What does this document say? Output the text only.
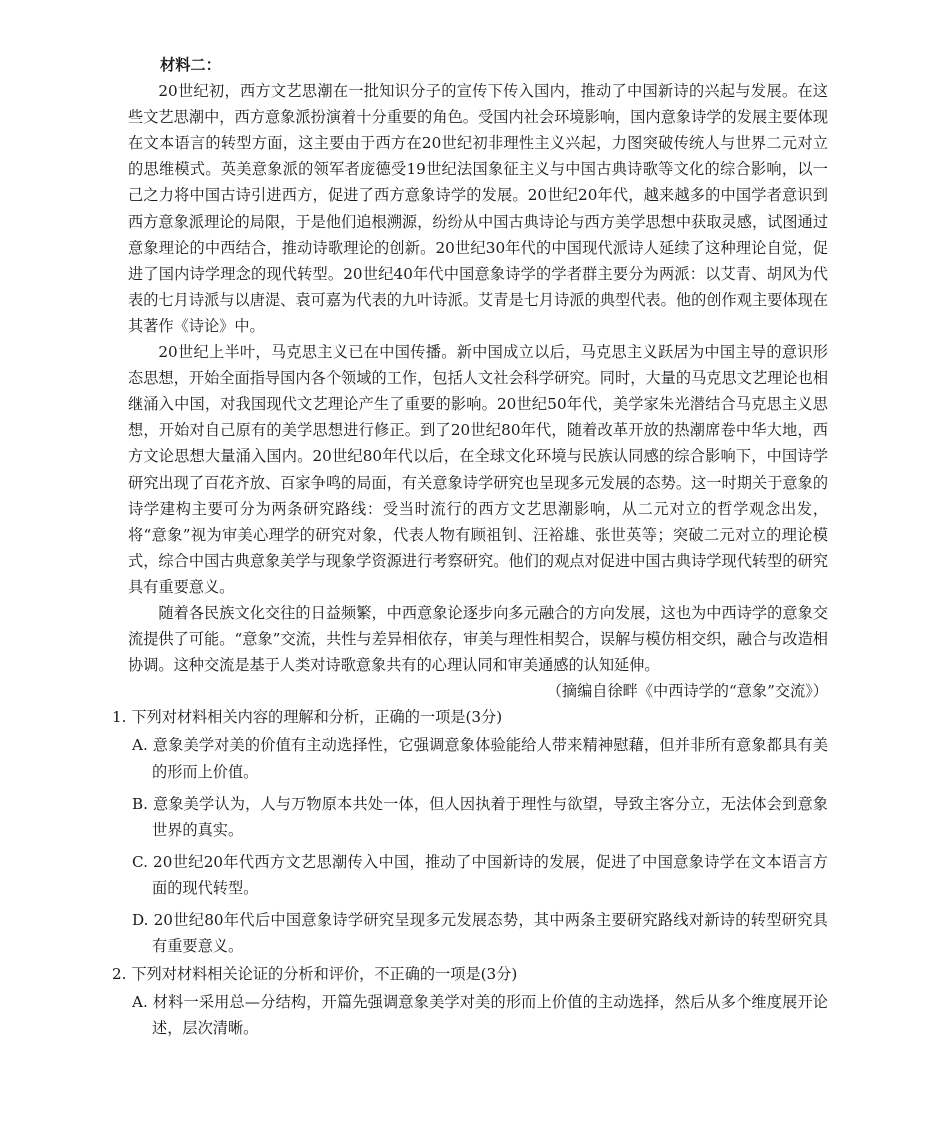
材料二：

20世纪初，西方文艺思潮在一批知识分子的宣传下传入国内，推动了中国新诗的兴起与发展。在这些文艺思潮中，西方意象派扮演着十分重要的角色。受国内社会环境影响，国内意象诗学的发展主要体现在文本语言的转型方面，这主要由于西方在20世纪初非理性主义兴起，力图突破传统人与世界二元对立的思维模式。英美意象派的领军者庞德受19世纪法国象征主义与中国古典诗歌等文化的综合影响，以一己之力将中国古诗引进西方，促进了西方意象诗学的发展。20世纪20年代，越来越多的中国学者意识到西方意象派理论的局限，于是他们追根溯源，纷纷从中国古典诗论与西方美学思想中获取灵感，试图通过意象理论的中西结合，推动诗歌理论的创新。20世纪30年代的中国现代派诗人延续了这种理论自觉，促进了国内诗学理念的现代转型。20世纪40年代中国意象诗学的学者群主要分为两派：以艾青、胡风为代表的七月诗派与以唐湜、袁可嘉为代表的九叶诗派。艾青是七月诗派的典型代表。他的创作观主要体现在其著作《诗论》中。

20世纪上半叶，马克思主义已在中国传播。新中国成立以后，马克思主义跃居为中国主导的意识形态思想，开始全面指导国内各个领域的工作，包括人文社会科学研究。同时，大量的马克思文艺理论也相继涌入中国，对我国现代文艺理论产生了重要的影响。20世纪50年代，美学家朱光潜结合马克思主义思想，开始对自己原有的美学思想进行修正。到了20世纪80年代，随着改革开放的热潮席卷中华大地，西方文论思想大量涌入国内。20世纪80年代以后，在全球文化环境与民族认同感的综合影响下，中国诗学研究出现了百花齐放、百家争鸣的局面，有关意象诗学研究也呈现多元发展的态势。这一时期关于意象的诗学建构主要可分为两条研究路线：受当时流行的西方文艺思潮影响，从二元对立的哲学观念出发，将“意象”视为审美心理学的研究对象，代表人物有顾祖钊、汪裕雄、张世英等；突破二元对立的理论模式，综合中国古典意象美学与现象学资源进行考察研究。他们的观点对促进中国古典诗学现代转型的研究具有重要意义。

随着各民族文化交往的日益频繁，中西意象论逐步向多元融合的方向发展，这也为中西诗学的意象交流提供了可能。“意象”交流，共性与差异相依存，审美与理性相契合，误解与模仿相交织，融合与改造相协调。这种交流是基于人类对诗歌意象共有的心理认同和审美通感的认知延伸。

（摘编自徐畔《中西诗学的“意象”交流》）

1. 下列对材料相关内容的理解和分析，正确的一项是(3分)

A. 意象美学对美的价值有主动选择性，它强调意象体验能给人带来精神慰藉，但并非所有意象都具有美的形而上价值。

B. 意象美学认为，人与万物原本共处一体，但人因执着于理性与欲望，导致主客分立，无法体会到意象世界的真实。

C. 20世纪20年代西方文艺思潮传入中国，推动了中国新诗的发展，促进了中国意象诗学在文本语言方面的现代转型。

D. 20世纪80年代后中国意象诗学研究呈现多元发展态势，其中两条主要研究路线对新诗的转型研究具有重要意义。

2. 下列对材料相关论证的分析和评价，不正确的一项是(3分)

A. 材料一采用总—分结构，开篇先强调意象美学对美的形而上价值的主动选择，然后从多个维度展开论述，层次清晰。
